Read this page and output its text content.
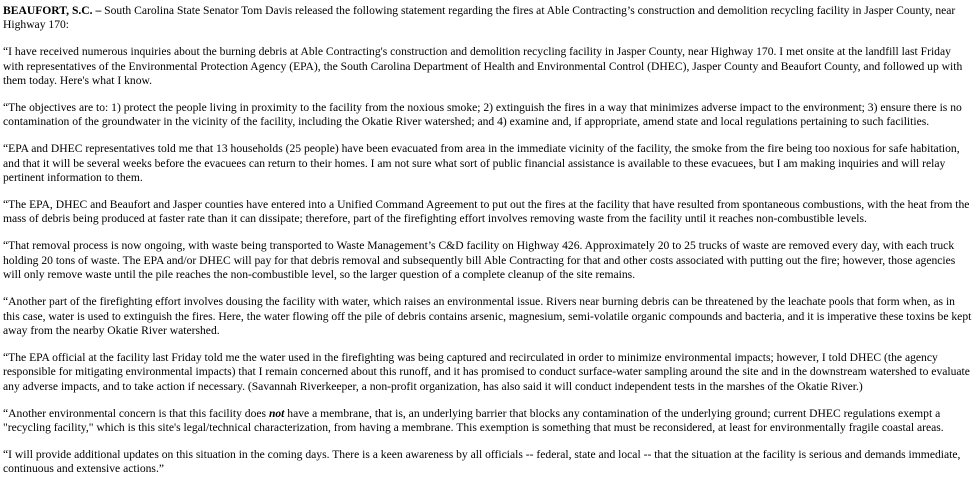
BEAUFORT, S.C. – South Carolina State Senator Tom Davis released the following statement regarding the fires at Able Contracting’s construction and demolition recycling facility in Jasper County, near Highway 170:

“I have received numerous inquiries about the burning debris at Able Contracting's construction and demolition recycling facility in Jasper County, near Highway 170. I met onsite at the landfill last Friday with representatives of the Environmental Protection Agency (EPA), the South Carolina Department of Health and Environmental Control (DHEC), Jasper County and Beaufort County, and followed up with them today. Here's what I know.

“The objectives are to: 1) protect the people living in proximity to the facility from the noxious smoke; 2) extinguish the fires in a way that minimizes adverse impact to the environment; 3) ensure there is no contamination of the groundwater in the vicinity of the facility, including the Okatie River watershed; and 4) examine and, if appropriate, amend state and local regulations pertaining to such facilities.

“EPA and DHEC representatives told me that 13 households (25 people) have been evacuated from area in the immediate vicinity of the facility, the smoke from the fire being too noxious for safe habitation, and that it will be several weeks before the evacuees can return to their homes. I am not sure what sort of public financial assistance is available to these evacuees, but I am making inquiries and will relay pertinent information to them.

“The EPA, DHEC and Beaufort and Jasper counties have entered into a Unified Command Agreement to put out the fires at the facility that have resulted from spontaneous combustions, with the heat from the mass of debris being produced at faster rate than it can dissipate; therefore, part of the firefighting effort involves removing waste from the facility until it reaches non-combustible levels.

“That removal process is now ongoing, with waste being transported to Waste Management’s C&D facility on Highway 426. Approximately 20 to 25 trucks of waste are removed every day, with each truck holding 20 tons of waste. The EPA and/or DHEC will pay for that debris removal and subsequently bill Able Contracting for that and other costs associated with putting out the fire; however, those agencies will only remove waste until the pile reaches the non-combustible level, so the larger question of a complete cleanup of the site remains.

“Another part of the firefighting effort involves dousing the facility with water, which raises an environmental issue. Rivers near burning debris can be threatened by the leachate pools that form when, as in this case, water is used to extinguish the fires. Here, the water flowing off the pile of debris contains arsenic, magnesium, semi-volatile organic compounds and bacteria, and it is imperative these toxins be kept away from the nearby Okatie River watershed.

“The EPA official at the facility last Friday told me the water used in the firefighting was being captured and recirculated in order to minimize environmental impacts; however, I told DHEC (the agency responsible for mitigating environmental impacts) that I remain concerned about this runoff, and it has promised to conduct surface-water sampling around the site and in the downstream watershed to evaluate any adverse impacts, and to take action if necessary. (Savannah Riverkeeper, a non-profit organization, has also said it will conduct independent tests in the marshes of the Okatie River.)

“Another environmental concern is that this facility does not have a membrane, that is, an underlying barrier that blocks any contamination of the underlying ground; current DHEC regulations exempt a "recycling facility," which is this site's legal/technical characterization, from having a membrane. This exemption is something that must be reconsidered, at least for environmentally fragile coastal areas.

“I will provide additional updates on this situation in the coming days. There is a keen awareness by all officials -- federal, state and local -- that the situation at the facility is serious and demands immediate, continuous and extensive actions.”
